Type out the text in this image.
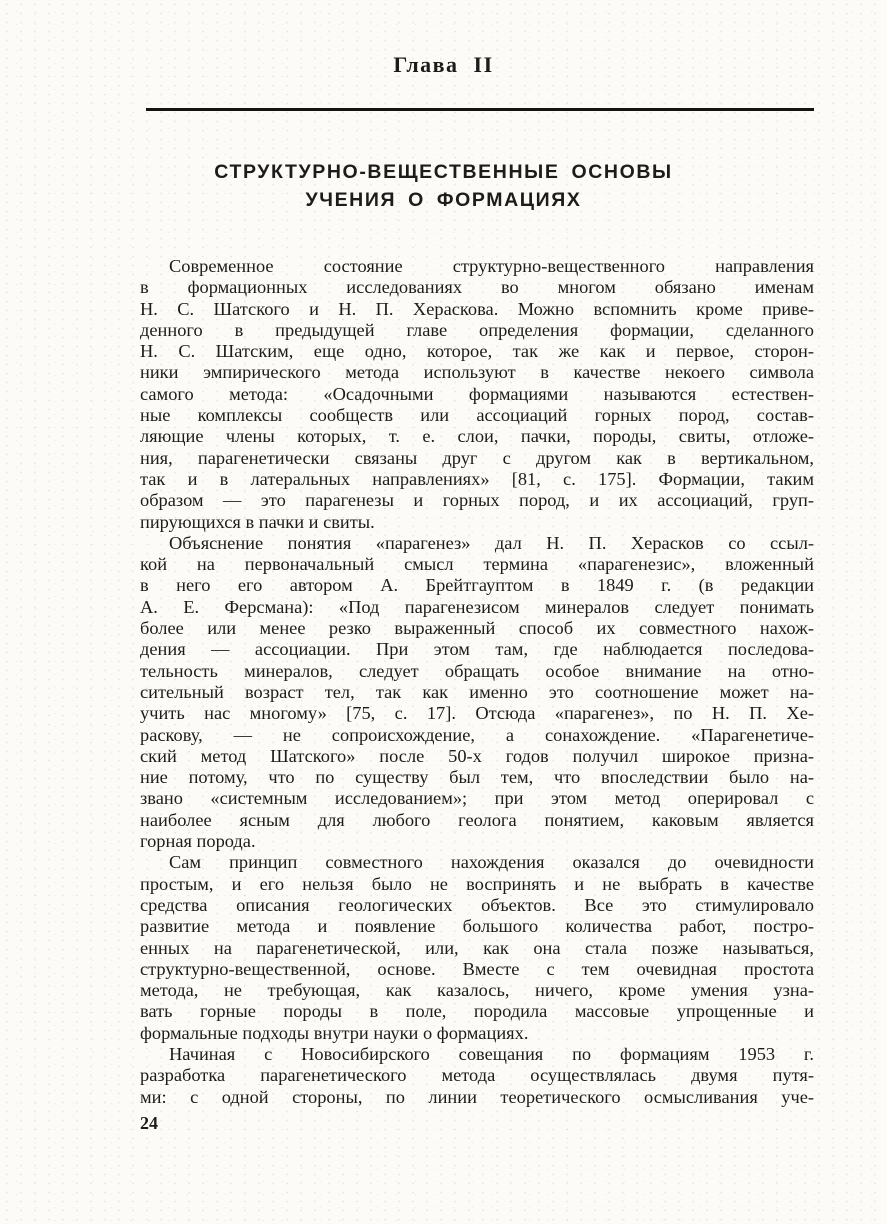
Глава II
СТРУКТУРНО-ВЕЩЕСТВЕННЫЕ ОСНОВЫ
УЧЕНИЯ О ФОРМАЦИЯХ
Современное состояние структурно-вещественного направления
в формационных исследованиях во многом обязано именам
Н. С. Шатского и Н. П. Хераскова. Можно вспомнить кроме приве-
денного в предыдущей главе определения формации, сделанного
Н. С. Шатским, еще одно, которое, так же как и первое, сторон-
ники эмпирического метода используют в качестве некоего символа
самого метода: «Осадочными формациями называются естествен-
ные комплексы сообществ или ассоциаций горных пород, состав-
ляющие члены которых, т. е. слои, пачки, породы, свиты, отложе-
ния, парагенетически связаны друг с другом как в вертикальном,
так и в латеральных направлениях» [81, с. 175]. Формации, таким
образом — это парагенезы и горных пород, и их ассоциаций, груп-
пирующихся в пачки и свиты.
Объяснение понятия «парагенез» дал Н. П. Херасков со ссыл-
кой на первоначальный смысл термина «парагенезис», вложенный
в него его автором А. Брейтгауптом в 1849 г. (в редакции
А. Е. Ферсмана): «Под парагенезисом минералов следует понимать
более или менее резко выраженный способ их совместного нахож-
дения — ассоциации. При этом там, где наблюдается последова-
тельность минералов, следует обращать особое внимание на отно-
сительный возраст тел, так как именно это соотношение может на-
учить нас многому» [75, с. 17]. Отсюда «парагенез», по Н. П. Хе-
раскову, — не сопроисхождение, а сонахождение. «Парагенетиче-
ский метод Шатского» после 50-х годов получил широкое призна-
ние потому, что по существу был тем, что впоследствии было на-
звано «системным исследованием»; при этом метод оперировал с
наиболее ясным для любого геолога понятием, каковым является
горная порода.
Сам принцип совместного нахождения оказался до очевидности
простым, и его нельзя было не воспринять и не выбрать в качестве
средства описания геологических объектов. Все это стимулировало
развитие метода и появление большого количества работ, постро-
енных на парагенетической, или, как она стала позже называться,
структурно-вещественной, основе. Вместе с тем очевидная простота
метода, не требующая, как казалось, ничего, кроме умения узна-
вать горные породы в поле, породила массовые упрощенные и
формальные подходы внутри науки о формациях.
Начиная с Новосибирского совещания по формациям 1953 г.
разработка парагенетического метода осуществлялась двумя путя-
ми: с одной стороны, по линии теоретического осмысливания уче-
24
